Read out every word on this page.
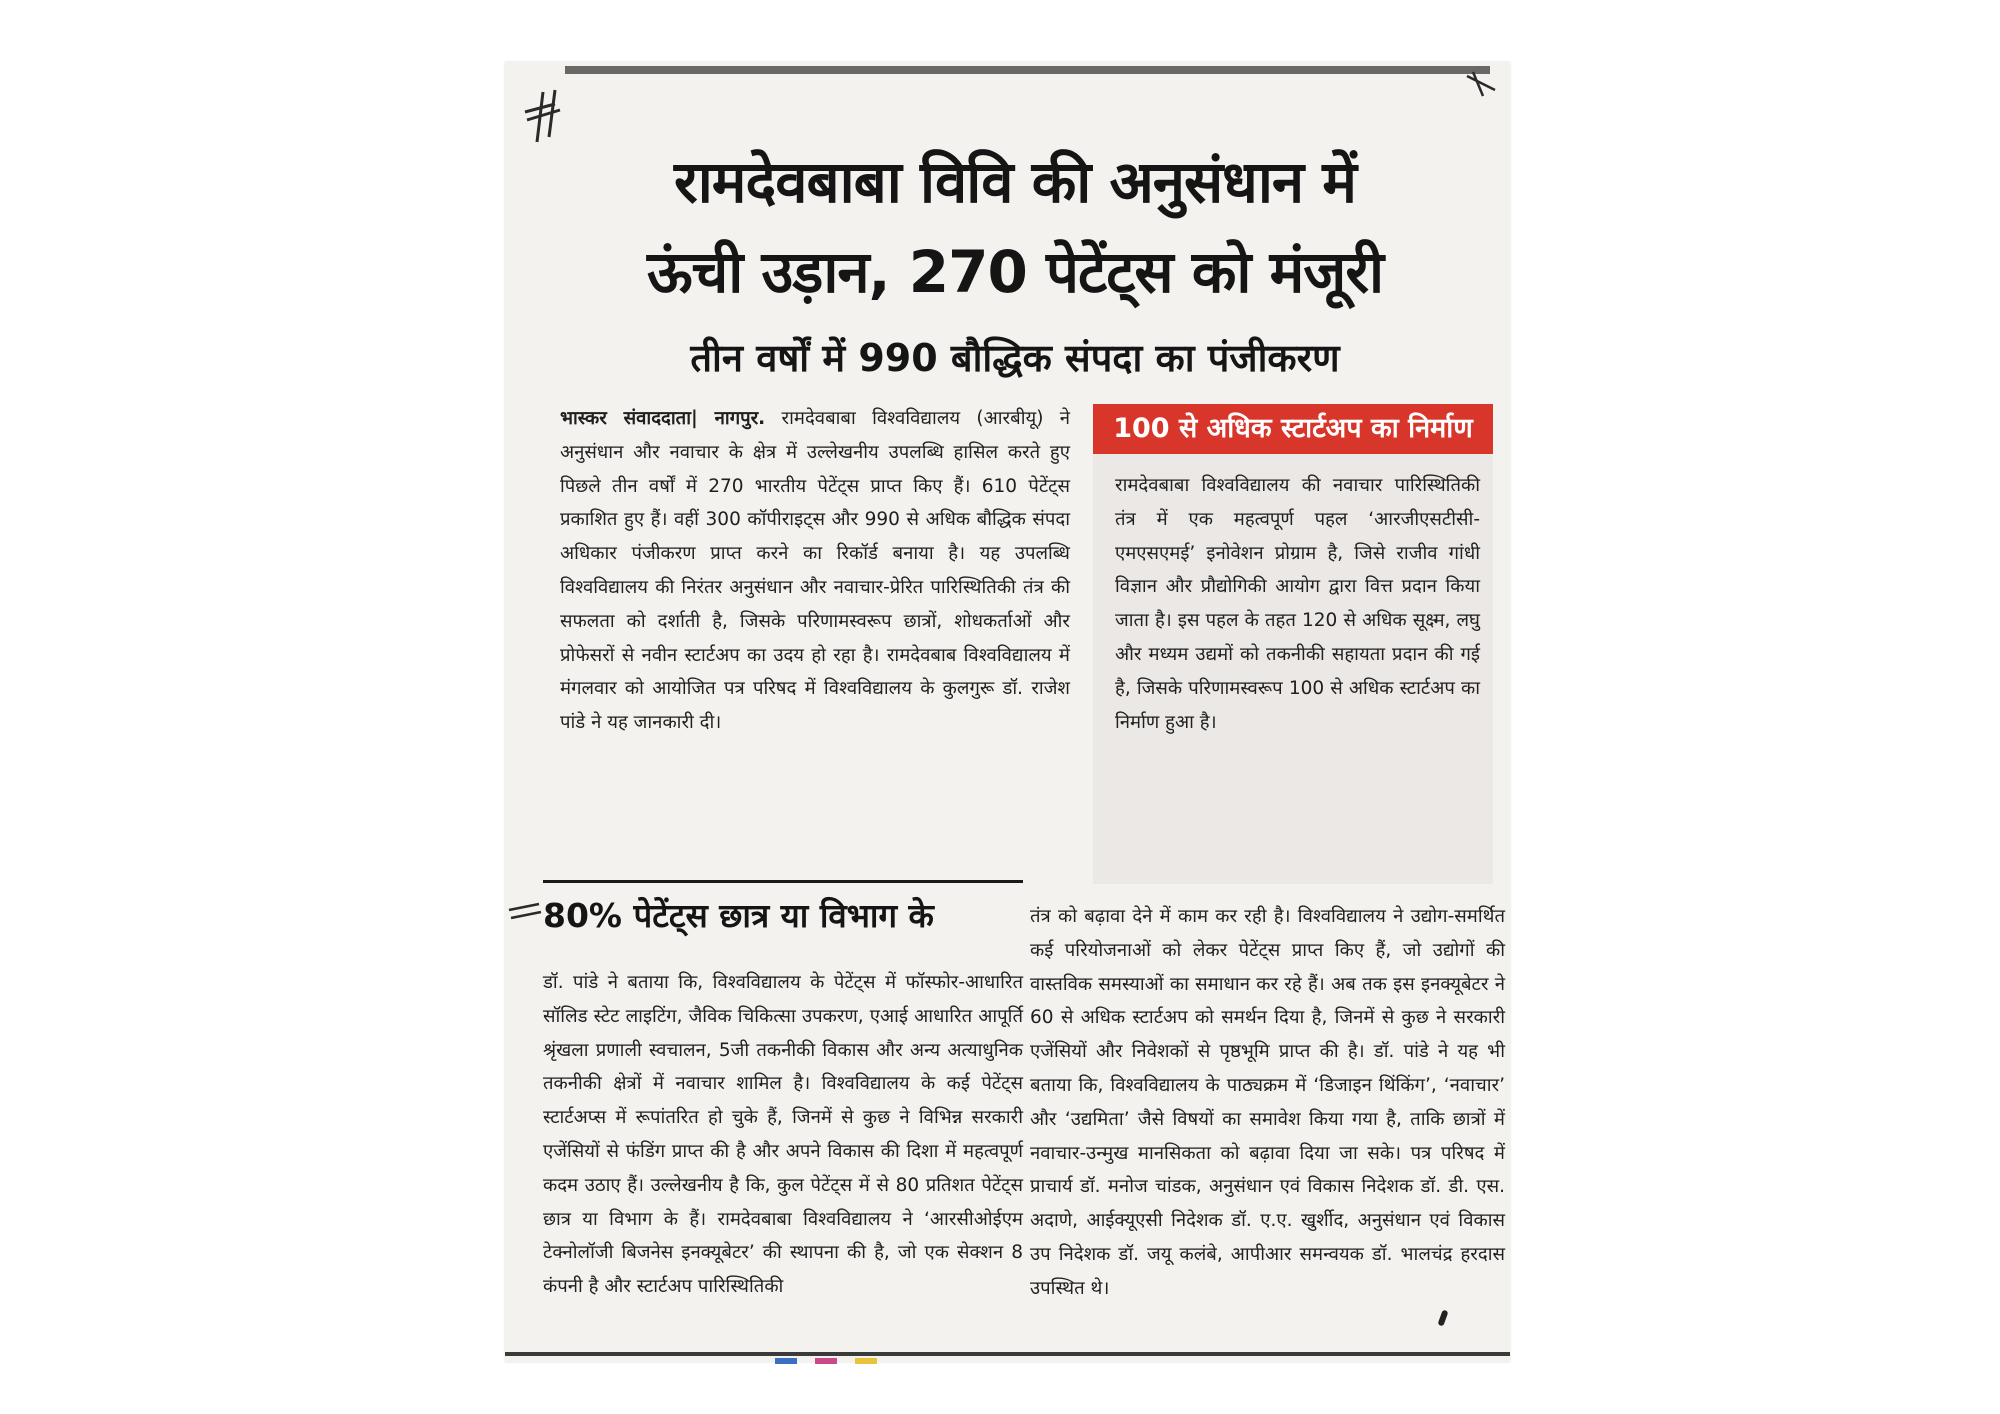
रामदेवबाबा विवि की अनुसंधान में
ऊंची उड़ान, 270 पेटेंट्स को मंजूरी
तीन वर्षों में 990 बौद्धिक संपदा का पंजीकरण

भास्कर संवाददाता| नागपुर. रामदेवबाबा विश्वविद्यालय (आरबीयू) ने अनुसंधान और नवाचार के क्षेत्र में उल्लेखनीय उपलब्धि हासिल करते हुए पिछले तीन वर्षों में 270 भारतीय पेटेंट्स प्राप्त किए हैं। 610 पेटेंट्स प्रकाशित हुए हैं। वहीं 300 कॉपीराइट्स और 990 से अधिक बौद्धिक संपदा अधिकार पंजीकरण प्राप्त करने का रिकॉर्ड बनाया है। यह उपलब्धि विश्वविद्यालय की निरंतर अनुसंधान और नवाचार-प्रेरित पारिस्थितिकी तंत्र की सफलता को दर्शाती है, जिसके परिणामस्वरूप छात्रों, शोधकर्ताओं और प्रोफेसरों से नवीन स्टार्टअप का उदय हो रहा है। रामदेवबाब विश्वविद्यालय में मंगलवार को आयोजित पत्र परिषद में विश्वविद्यालय के कुलगुरू डॉ. राजेश पांडे ने यह जानकारी दी।

100 से अधिक स्टार्टअप का निर्माण

रामदेवबाबा विश्वविद्यालय की नवाचार पारिस्थितिकी तंत्र में एक महत्वपूर्ण पहल ‘आरजीएसटीसी-एमएसएमई’ इनोवेशन प्रोग्राम है, जिसे राजीव गांधी विज्ञान और प्रौद्योगिकी आयोग द्वारा वित्त प्रदान किया जाता है। इस पहल के तहत 120 से अधिक सूक्ष्म, लघु और मध्यम उद्यमों को तकनीकी सहायता प्रदान की गई है, जिसके परिणामस्वरूप 100 से अधिक स्टार्टअप का निर्माण हुआ है।

80% पेटेंट्स छात्र या विभाग के

डॉ. पांडे ने बताया कि, विश्वविद्यालय के पेटेंट्स में फॉस्फोर-आधारित सॉलिड स्टेट लाइटिंग, जैविक चिकित्सा उपकरण, एआई आधारित आपूर्ति श्रृंखला प्रणाली स्वचालन, 5जी तकनीकी विकास और अन्य अत्याधुनिक तकनीकी क्षेत्रों में नवाचार शामिल है। विश्वविद्यालय के कई पेटेंट्स स्टार्टअप्स में रूपांतरित हो चुके हैं, जिनमें से कुछ ने विभिन्न सरकारी एजेंसियों से फंडिंग प्राप्त की है और अपने विकास की दिशा में महत्वपूर्ण कदम उठाए हैं। उल्लेखनीय है कि, कुल पेटेंट्स में से 80 प्रतिशत पेटेंट्स छात्र या विभाग के हैं। रामदेवबाबा विश्वविद्यालय ने ‘आरसीओईएम टेक्नोलॉजी बिजनेस इनक्यूबेटर’ की स्थापना की है, जो एक सेक्शन 8 कंपनी है और स्टार्टअप पारिस्थितिकी

तंत्र को बढ़ावा देने में काम कर रही है। विश्वविद्यालय ने उद्योग-समर्थित कई परियोजनाओं को लेकर पेटेंट्स प्राप्त किए हैं, जो उद्योगों की वास्तविक समस्याओं का समाधान कर रहे हैं। अब तक इस इनक्यूबेटर ने 60 से अधिक स्टार्टअप को समर्थन दिया है, जिनमें से कुछ ने सरकारी एजेंसियों और निवेशकों से पृष्ठभूमि प्राप्त की है। डॉ. पांडे ने यह भी बताया कि, विश्वविद्यालय के पाठ्यक्रम में ‘डिजाइन थिंकिंग’, ‘नवाचार’ और ‘उद्यमिता’ जैसे विषयों का समावेश किया गया है, ताकि छात्रों में नवाचार-उन्मुख मानसिकता को बढ़ावा दिया जा सके। पत्र परिषद में प्राचार्य डॉ. मनोज चांडक, अनुसंधान एवं विकास निदेशक डॉ. डी. एस. अदाणे, आईक्यूएसी निदेशक डॉ. ए.ए. खुर्शीद, अनुसंधान एवं विकास उप निदेशक डॉ. जयू कलंबे, आपीआर समन्वयक डॉ. भालचंद्र हरदास उपस्थित थे।
